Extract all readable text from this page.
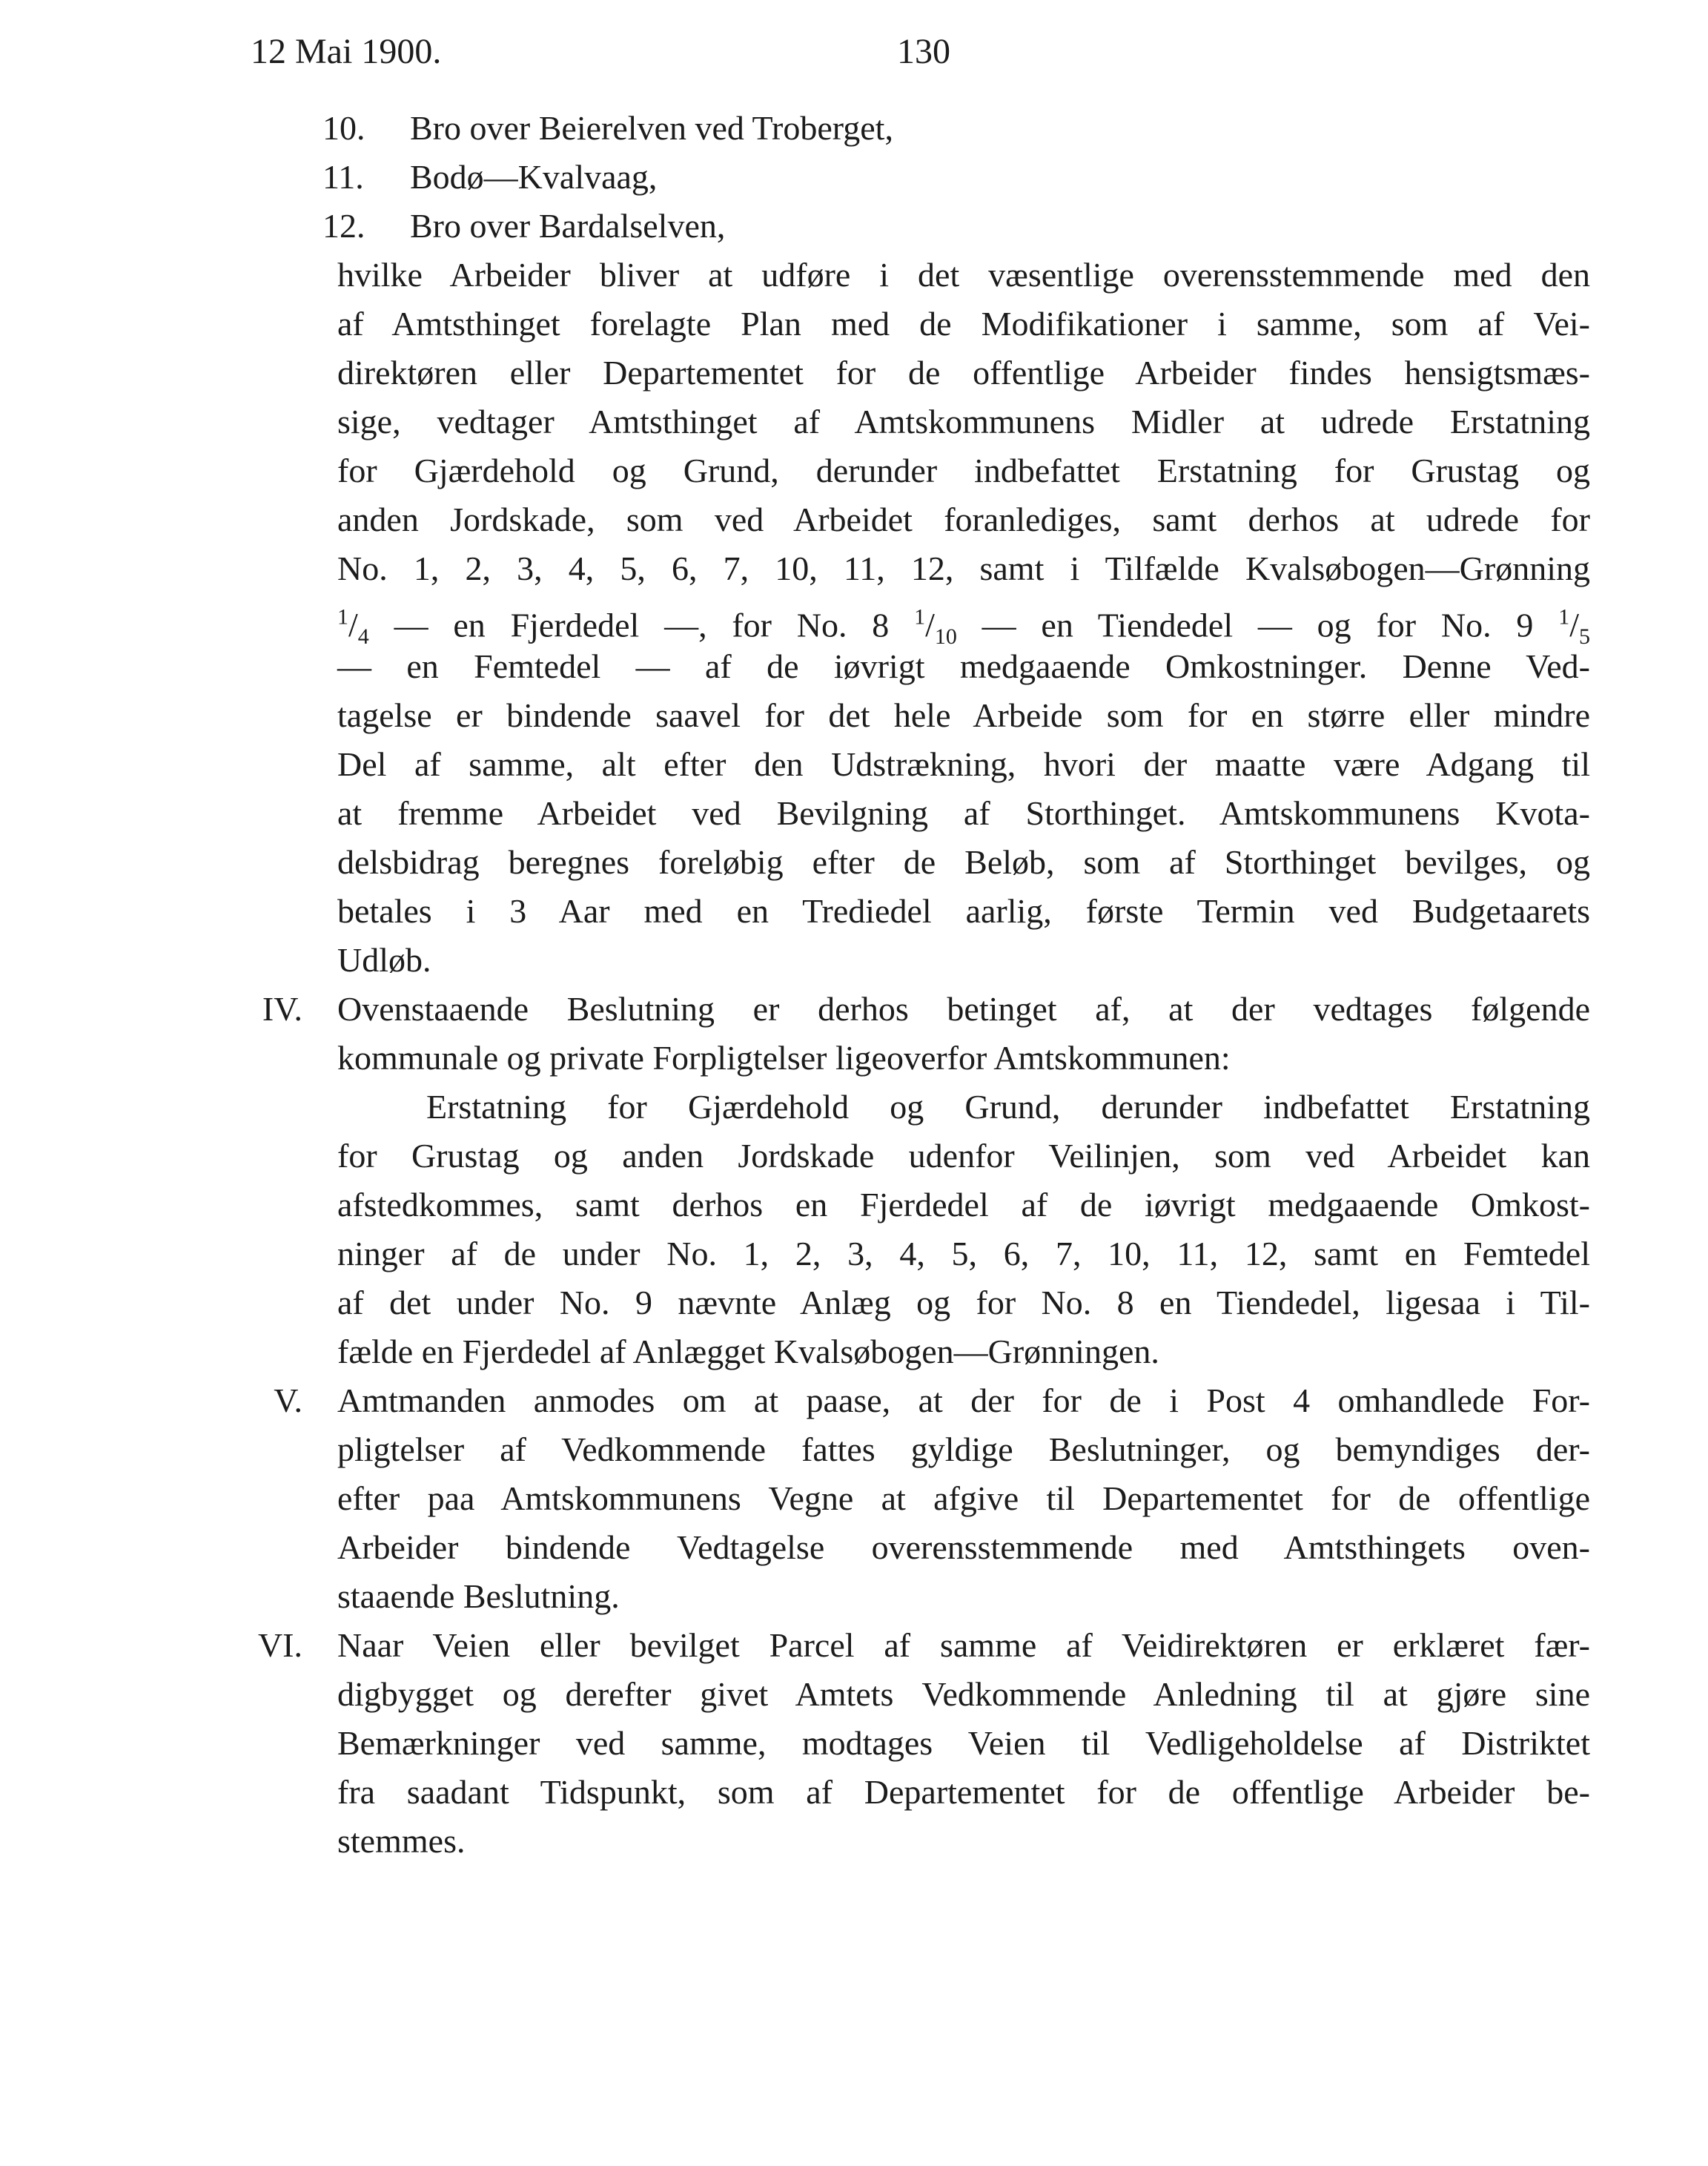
12 Mai 1900.	130
10. Bro over Beierelven ved Troberget,
11. Bodø—Kvalvaag,
12. Bro over Bardalselven,
hvilke Arbeider bliver at udføre i det væsentlige overensstemmende med den
af Amtsthinget forelagte Plan med de Modifikationer i samme, som af Vei-
direktøren eller Departementet for de offentlige Arbeider findes hensigtsmæs-
sige, vedtager Amtsthinget af Amtskommunens Midler at udrede Erstatning
for Gjærdehold og Grund, derunder indbefattet Erstatning for Grustag og
anden Jordskade, som ved Arbeidet foranlediges, samt derhos at udrede for
No. 1, 2, 3, 4, 5, 6, 7, 10, 11, 12, samt i Tilfælde Kvalsøbogen—Grønning
$^1/_4$ — en Fjerdedel —, for No. 8 $^1/_{10}$ — en Tiendedel — og for No. 9 $^1/_5$
— en Femtedel — af de iøvrigt medgaaende Omkostninger. Denne Ved-
tagelse er bindende saavel for det hele Arbeide som for en større eller mindre
Del af samme, alt efter den Udstrækning, hvori der maatte være Adgang til
at fremme Arbeidet ved Bevilgning af Storthinget. Amtskommunens Kvota-
delsbidrag beregnes foreløbig efter de Beløb, som af Storthinget bevilges, og
betales i 3 Aar med en Trediedel aarlig, første Termin ved Budgetaarets
Udløb.
IV. Ovenstaaende Beslutning er derhos betinget af, at der vedtages følgende
kommunale og private Forpligtelser ligeoverfor Amtskommunen:
Erstatning for Gjærdehold og Grund, derunder indbefattet Erstatning
for Grustag og anden Jordskade udenfor Veilinjen, som ved Arbeidet kan
afstedkommes, samt derhos en Fjerdedel af de iøvrigt medgaaende Omkost-
ninger af de under No. 1, 2, 3, 4, 5, 6, 7, 10, 11, 12, samt en Femtedel
af det under No. 9 nævnte Anlæg og for No. 8 en Tiendedel, ligesaa i Til-
fælde en Fjerdedel af Anlægget Kvalsøbogen—Grønningen.
V. Amtmanden anmodes om at paase, at der for de i Post 4 omhandlede For-
pligtelser af Vedkommende fattes gyldige Beslutninger, og bemyndiges der-
efter paa Amtskommunens Vegne at afgive til Departementet for de offentlige
Arbeider bindende Vedtagelse overensstemmende med Amtsthingets oven-
staaende Beslutning.
VI. Naar Veien eller bevilget Parcel af samme af Veidirektøren er erklæret fær-
digbygget og derefter givet Amtets Vedkommende Anledning til at gjøre sine
Bemærkninger ved samme, modtages Veien til Vedligeholdelse af Distriktet
fra saadant Tidspunkt, som af Departementet for de offentlige Arbeider be-
stemmes.
